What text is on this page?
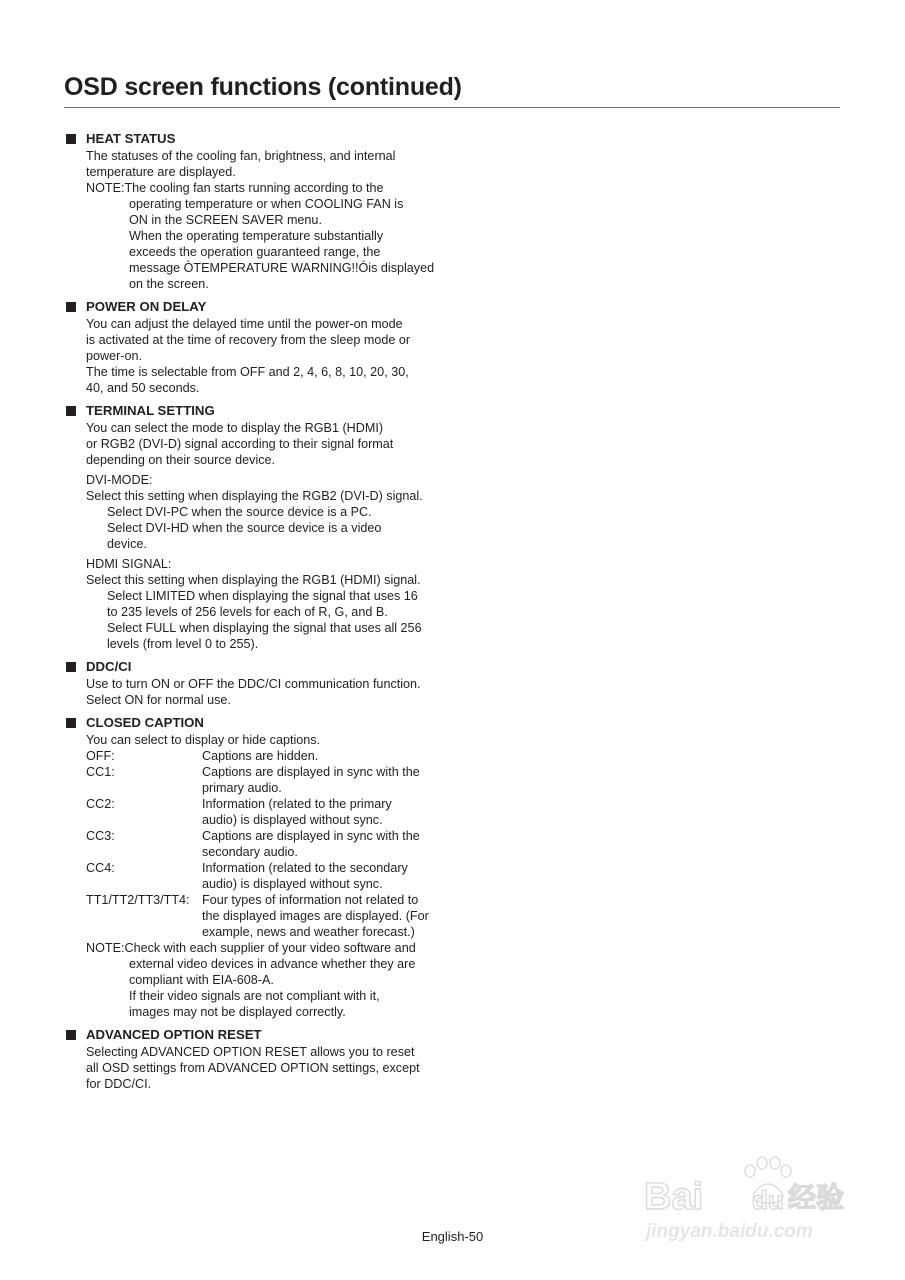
OSD screen functions (continued)
HEAT STATUS
The statuses of the cooling fan, brightness, and internal
temperature are displayed.
NOTE: The cooling fan starts running according to the
operating temperature or when COOLING FAN is
ON in the SCREEN SAVER menu.
When the operating temperature substantially
exceeds the operation guaranteed range, the
message ÒTEMPERATURE WARNING!!Óis displayed
on the screen.
POWER ON DELAY
You can adjust the delayed time until the power-on mode
is activated at the time of recovery from the sleep mode or
power-on.
The time is selectable from OFF and 2, 4, 6, 8, 10, 20, 30,
40, and 50 seconds.
TERMINAL SETTING
You can select the mode to display the RGB1 (HDMI)
or RGB2 (DVI-D) signal according to their signal format
depending on their source device.
DVI-MODE:
Select this setting when displaying the RGB2 (DVI-D) signal.
Select DVI-PC when the source device is a PC.
Select DVI-HD when the source device is a video
device.
HDMI SIGNAL:
Select this setting when displaying the RGB1 (HDMI) signal.
Select LIMITED when displaying the signal that uses 16
to 235 levels of 256 levels for each of R, G, and B.
Select FULL when displaying the signal that uses all 256
levels (from level 0 to 255).
DDC/CI
Use to turn ON or OFF the DDC/CI communication function.
Select ON for normal use.
CLOSED CAPTION
You can select to display or hide captions.
OFF:	Captions are hidden.
CC1:	Captions are displayed in sync with the
primary audio.
CC2:	Information (related to the primary
audio) is displayed without sync.
CC3:	Captions are displayed in sync with the
secondary audio.
CC4:	Information (related to the secondary
audio) is displayed without sync.
TT1/TT2/TT3/TT4: Four types of information not related to
the displayed images are displayed. (For
example, news and weather forecast.)
NOTE: Check with each supplier of your video software and
external video devices in advance whether they are
compliant with EIA-608-A.
If their video signals are not compliant with it,
images may not be displayed correctly.
ADVANCED OPTION RESET
Selecting ADVANCED OPTION RESET allows you to reset
all OSD settings from ADVANCED OPTION settings, except
for DDC/CI.
English-50
Bai du 经验
jingyan.baidu.com
